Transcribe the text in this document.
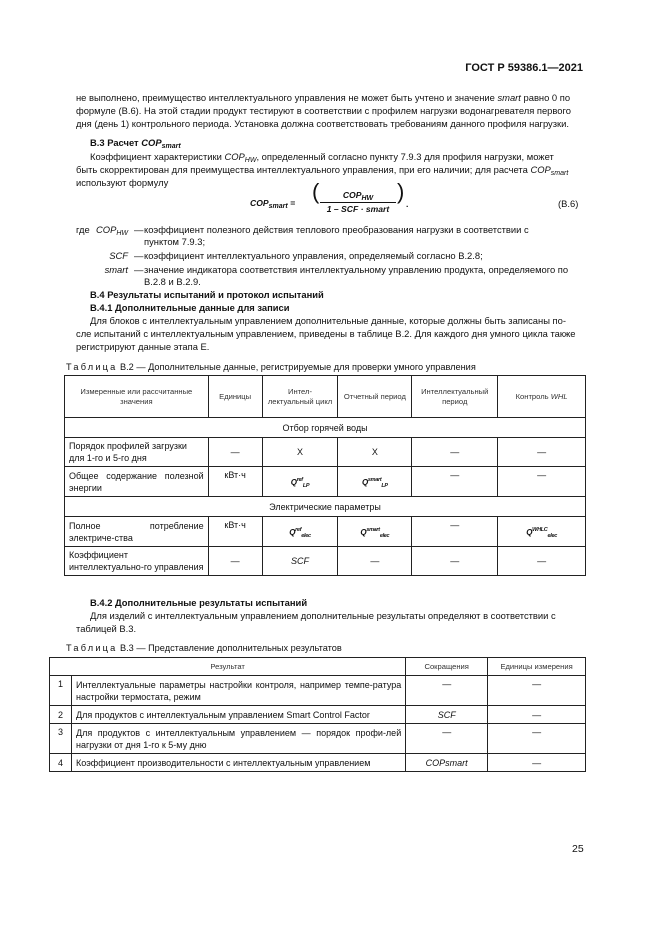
ГОСТ Р 59386.1—2021
не выполнено, преимущество интеллектуального управления не может быть учтено и значение smart равно 0 по
формуле (В.6). На этой стадии продукт тестируют в соответствии с профилем нагрузки водонагревателя первого
дня (день 1) контрольного периода. Установка должна соответствовать требованиям данного профиля нагрузки.
В.3 Расчет $COP_{smart}$
Коэффициент характеристики $COP_{HW}$, определенный согласно пункту 7.9.3 для профиля нагрузки, может
быть скорректирован для преимущества интеллектуального управления, при его наличии; для расчета $COP_{smart}$
используют формулу
$COP_{smart}$ = (	$COP_{HW}$
1 – SCF · smart
) .	(В.6)
где $COP_{HW}$ — коэффициент полезного действия теплового преобразования нагрузки в соответствии с
пунктом 7.9.3;
SCF — коэффициент интеллектуального управления, определяемый согласно В.2.8;
smart — значение индикатора соответствия интеллектуальному управлению продукта, определяемого по
В.2.8 и В.2.9.
В.4 Результаты испытаний и протокол испытаний
В.4.1 Дополнительные данные для записи
Для блоков с интеллектуальным управлением дополнительные данные, которые должны быть записаны по-
сле испытаний с интеллектуальным управлением, приведены в таблице В.2. Для каждого дня умного цикла также
регистрируют данные этапа Е.
Таблица В.2 — Дополнительные данные, регистрируемые для проверки умного управления
Измеренные или рассчитанные значения	Единицы	Интел-лектуальный цикл	Отчетный период	Интеллектуальный период	Контроль WHL
Отбор горячей воды					
Порядок профилей загрузки для 1-го и 5-го дня	—	X	X	—	—
Общее содержание полезной энергии	кВт·ч	$Q^{ref}_{LP}$	$Q^{smart}_{LP}$	—	—
Электрические параметры					
Полное потребление электриче-ства	кВт·ч	$Q^{ref}_{elec}$	$Q^{smart}_{elec}$	—	$Q^{WHLC}_{elec}$
Коэффициент интеллектуально-го управления	—	SCF	—	—	—
В.4.2 Дополнительные результаты испытаний
Для изделий с интеллектуальным управлением дополнительные результаты определяют в соответствии с
таблицей В.3.
Таблица В.3 — Представление дополнительных результатов
Результат		Сокращения	Единицы измерения
1	Интеллектуальные параметры настройки контроля, например темпе-ратура настройки термостата, режим	—	—
2	Для продуктов с интеллектуальным управлением Smart Control Factor	SCF	—
3	Для продуктов с интеллектуальным управлением — порядок профи-лей нагрузки от дня 1-го к 5-му дню	—	—
4	Коэффициент производительности с интеллектуальным управлением	COPsmart	—
25
